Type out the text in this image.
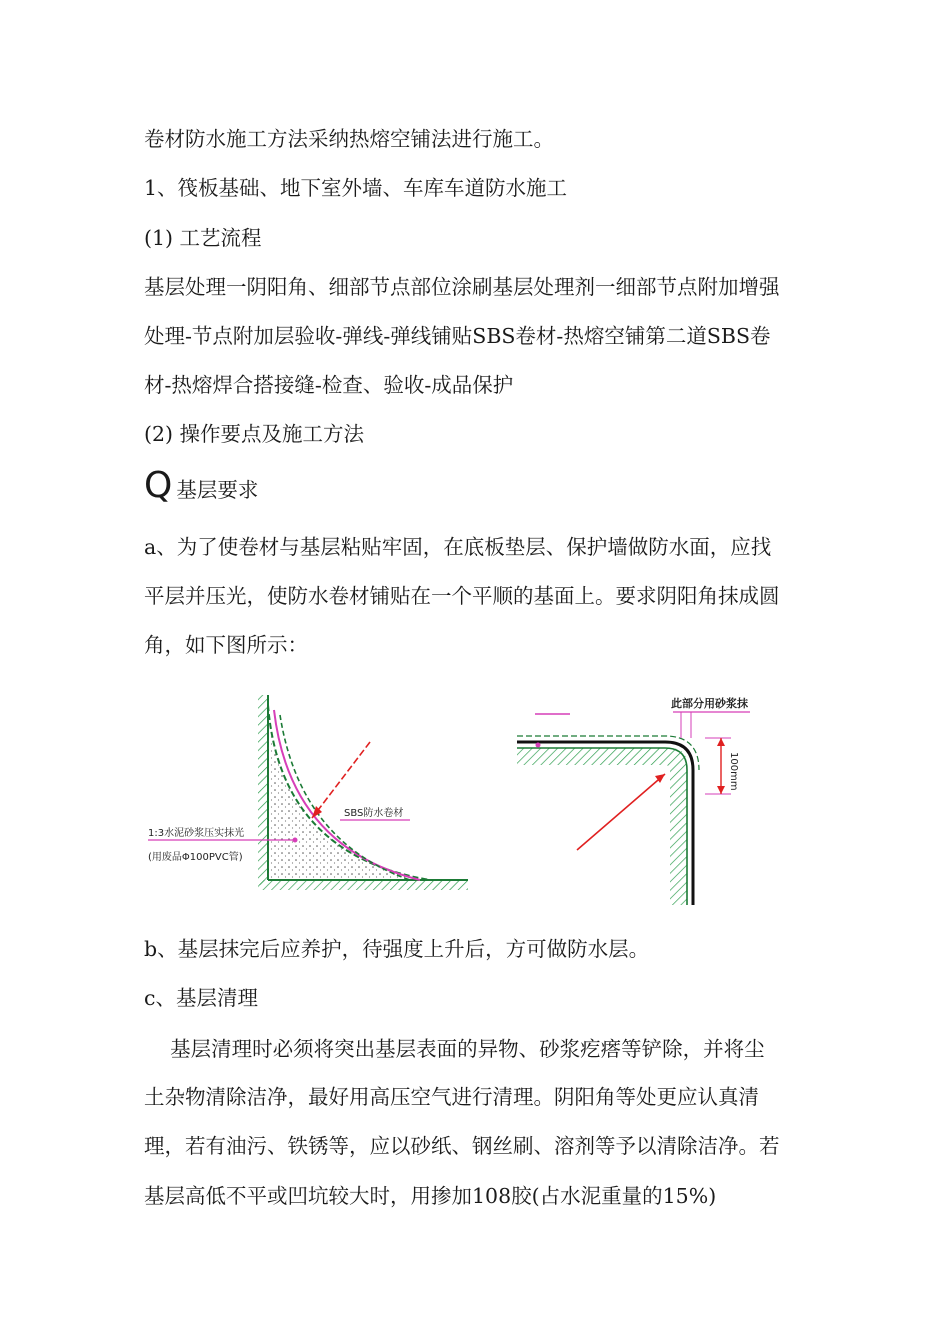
卷材防水施工方法采纳热熔空铺法进行施工。
1、筏板基础、地下室外墙、车库车道防水施工
(1) 工艺流程
基层处理一阴阳角、细部节点部位涂刷基层处理剂一细部节点附加增强
处理-节点附加层验收-弹线-弹线铺贴SBS卷材-热熔空铺第二道SBS卷
材-热熔焊合搭接缝-检查、验收-成品保护
(2) 操作要点及施工方法
Q 基层要求
a、为了使卷材与基层粘贴牢固，在底板垫层、保护墙做防水面，应找
平层并压光，使防水卷材铺贴在一个平顺的基面上。要求阴阳角抹成圆
角，如下图所示：
SBS防水卷材
1:3水泥砂浆压实抹光
(用废品Φ100PVC管)
此部分用砂浆抹
100mm
b、基层抹完后应养护，待强度上升后，方可做防水层。
c、基层清理
基层清理时必须将突出基层表面的异物、砂浆疙瘩等铲除，并将尘
土杂物清除洁净，最好用高压空气进行清理。阴阳角等处更应认真清
理，若有油污、铁锈等，应以砂纸、钢丝刷、溶剂等予以清除洁净。若
基层高低不平或凹坑较大时，用掺加108胶(占水泥重量的15%)
